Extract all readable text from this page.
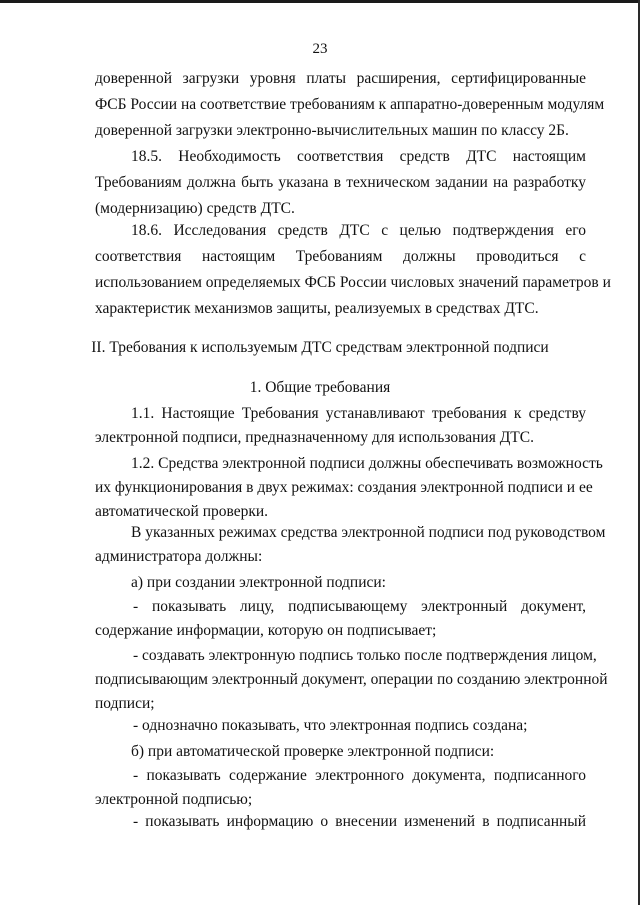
23
доверенной загрузки уровня платы расширения, сертифицированные
ФСБ России на соответствие требованиям к аппаратно-доверенным модулям
доверенной загрузки электронно-вычислительных машин по классу 2Б.
18.5. Необходимость соответствия средств ДТС настоящим
Требованиям должна быть указана в техническом задании на разработку
(модернизацию) средств ДТС.
18.6. Исследования средств ДТС с целью подтверждения его
соответствия настоящим Требованиям должны проводиться с
использованием определяемых ФСБ России числовых значений параметров и
характеристик механизмов защиты, реализуемых в средствах ДТС.
II. Требования к используемым ДТС средствам электронной подписи
1. Общие требования
1.1. Настоящие Требования устанавливают требования к средству
электронной подписи, предназначенному для использования ДТС.
1.2. Средства электронной подписи должны обеспечивать возможность
их функционирования в двух режимах: создания электронной подписи и ее
автоматической проверки.
В указанных режимах средства электронной подписи под руководством
администратора должны:
а) при создании электронной подписи:
- показывать лицу, подписывающему электронный документ,
содержание информации, которую он подписывает;
- создавать электронную подпись только после подтверждения лицом,
подписывающим электронный документ, операции по созданию электронной
подписи;
- однозначно показывать, что электронная подпись создана;
б) при автоматической проверке электронной подписи:
- показывать содержание электронного документа, подписанного
электронной подписью;
- показывать информацию о внесении изменений в подписанный
